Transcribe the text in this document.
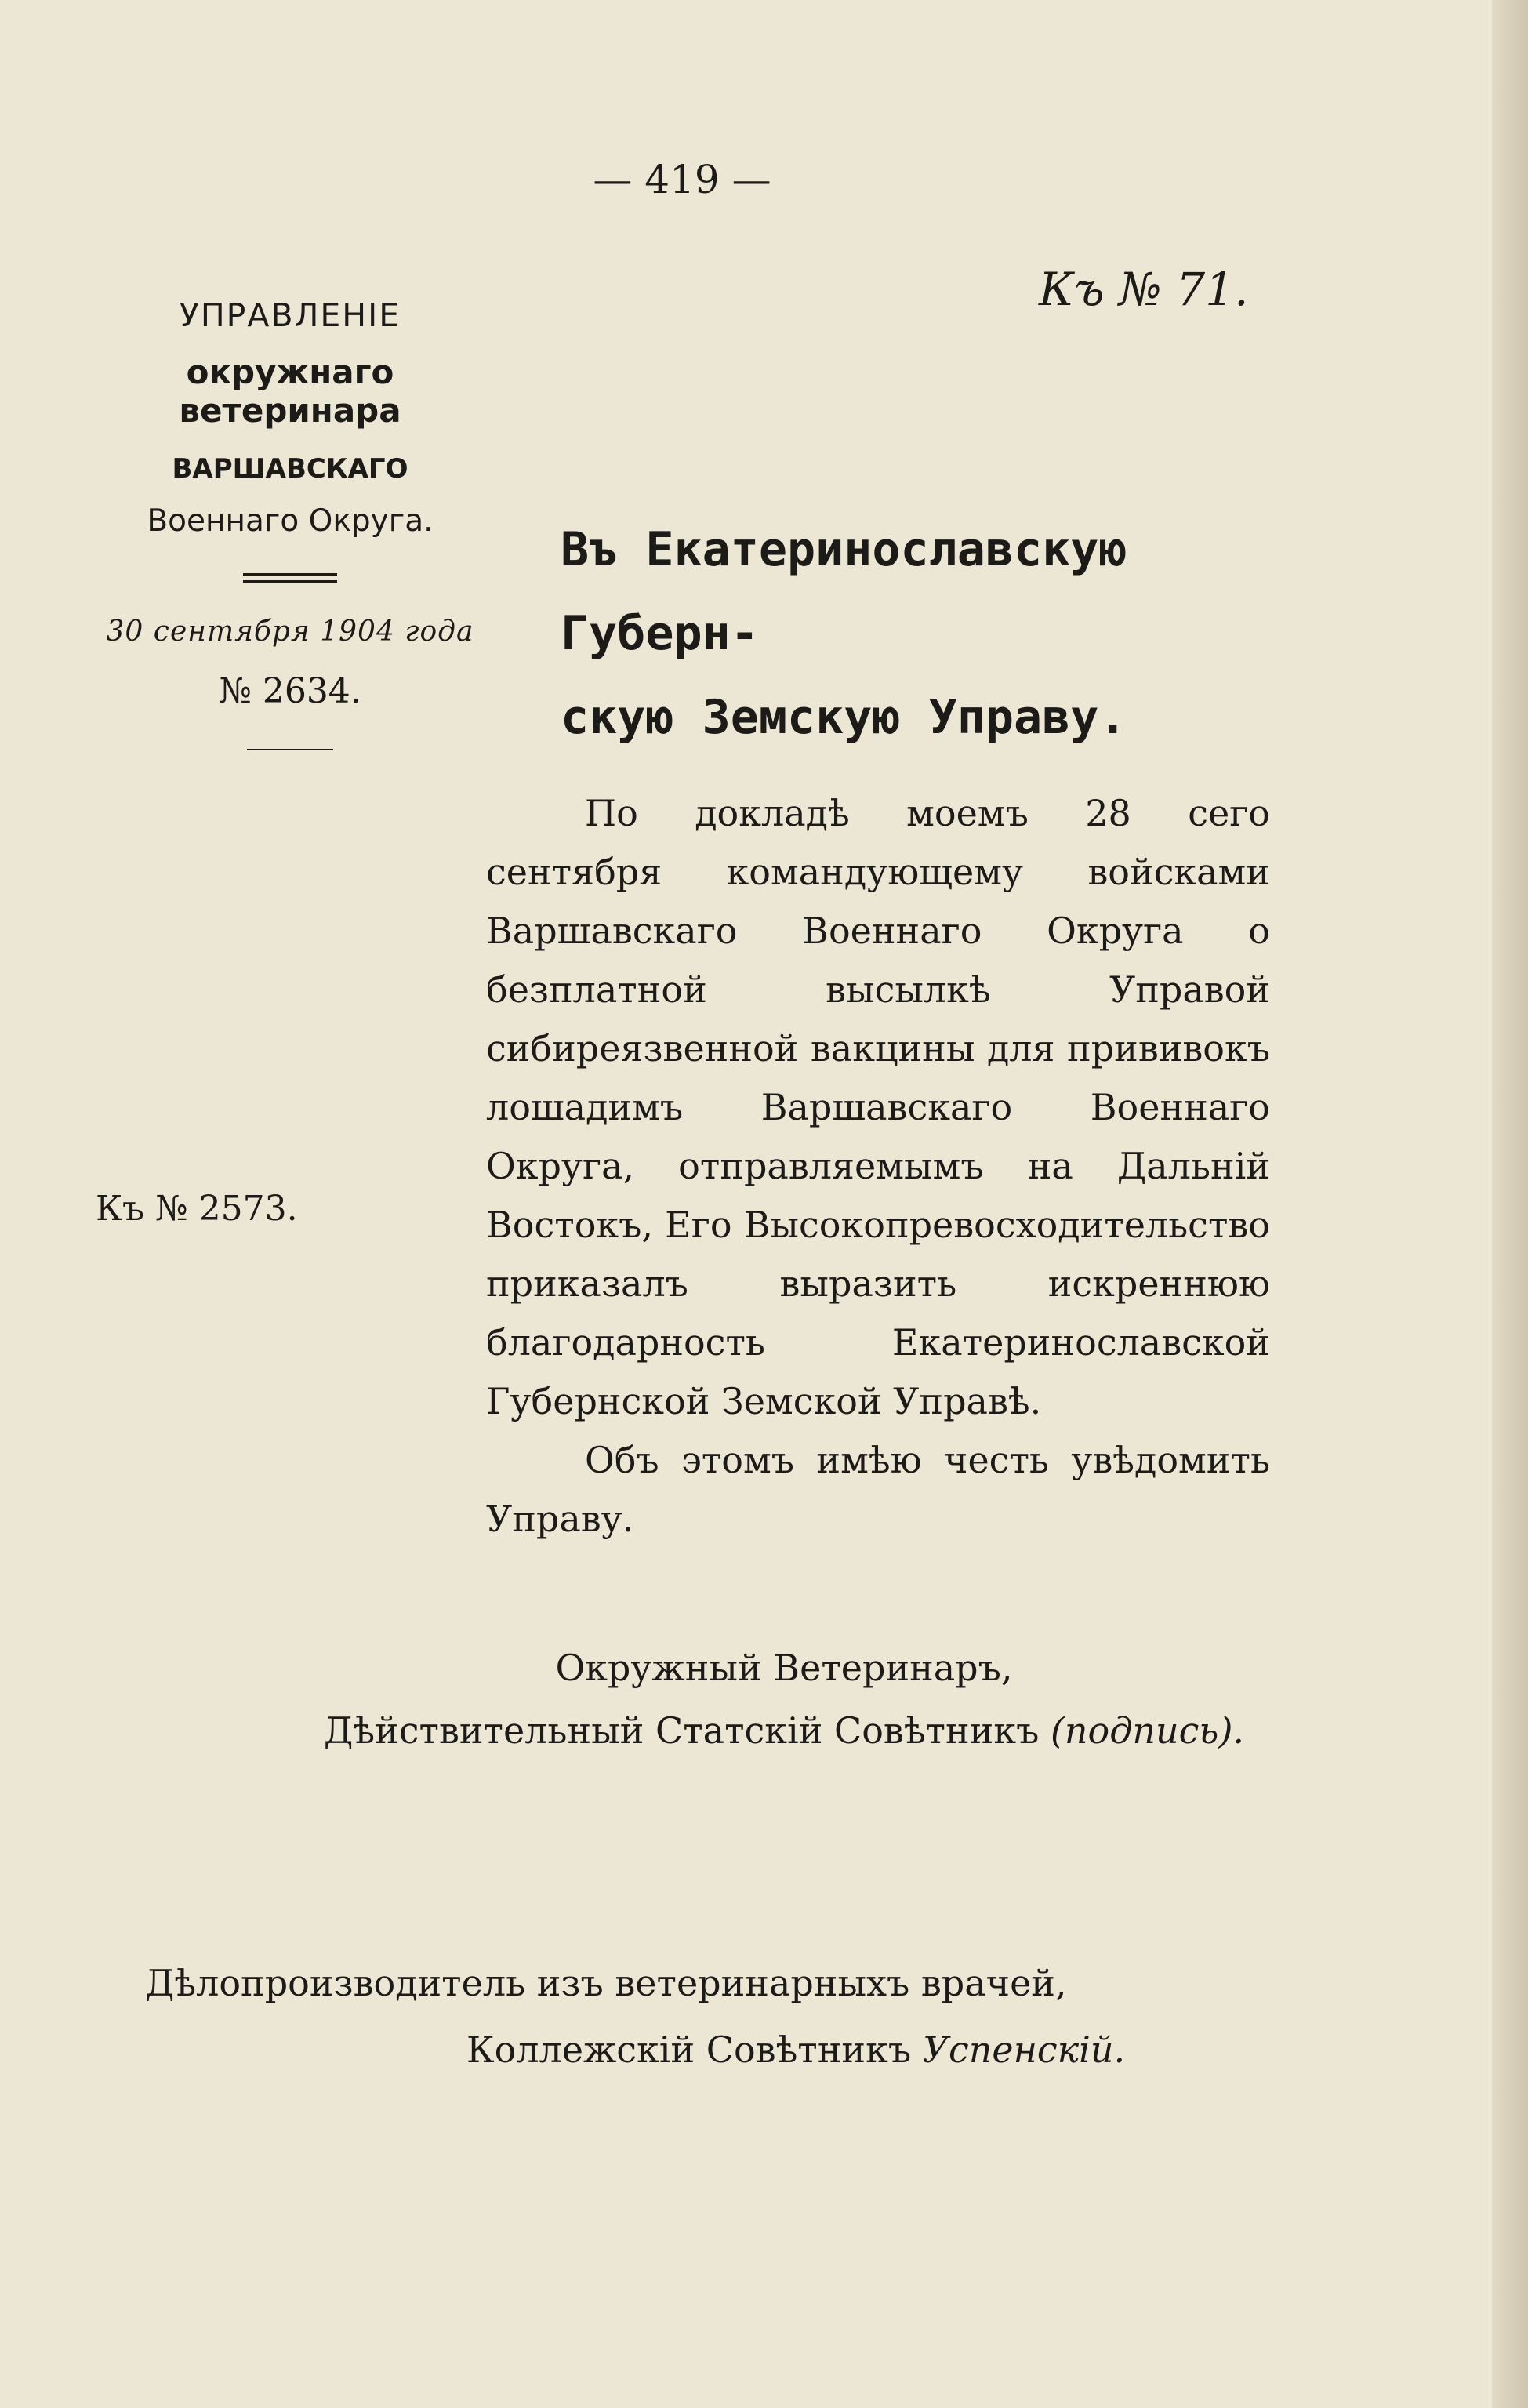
— 419 —
Къ № 71.
УПРАВЛЕНІЕ
окружнаго ветеринара
ВАРШАВСКАГО
Военнаго Округа.
30 сентября 1904 года
№ 2634.
Къ № 2573.
Въ Екатеринославскую Губерн-
скую Земскую Управу.

По докладѣ моемъ 28 сего сентября командующему войсками Варшавскаго Военнаго Округа о безплатной высылкѣ Управой сибиреязвенной вакцины для прививокъ лошадимъ Варшавскаго Военнаго Округа, отправляемымъ на Дальній Востокъ, Его Высокопревосходительство приказалъ выразить искреннюю благодарность Екатеринославской Губернской Земской Управѣ.

Объ этомъ имѣю честь увѣдомить Управу.

Окружный Ветеринаръ,
Дѣйствительный Статскій Совѣтникъ (подпись).
Дѣлопроизводитель изъ ветеринарныхъ врачей,
Коллежскій Совѣтникъ Успенскій.
